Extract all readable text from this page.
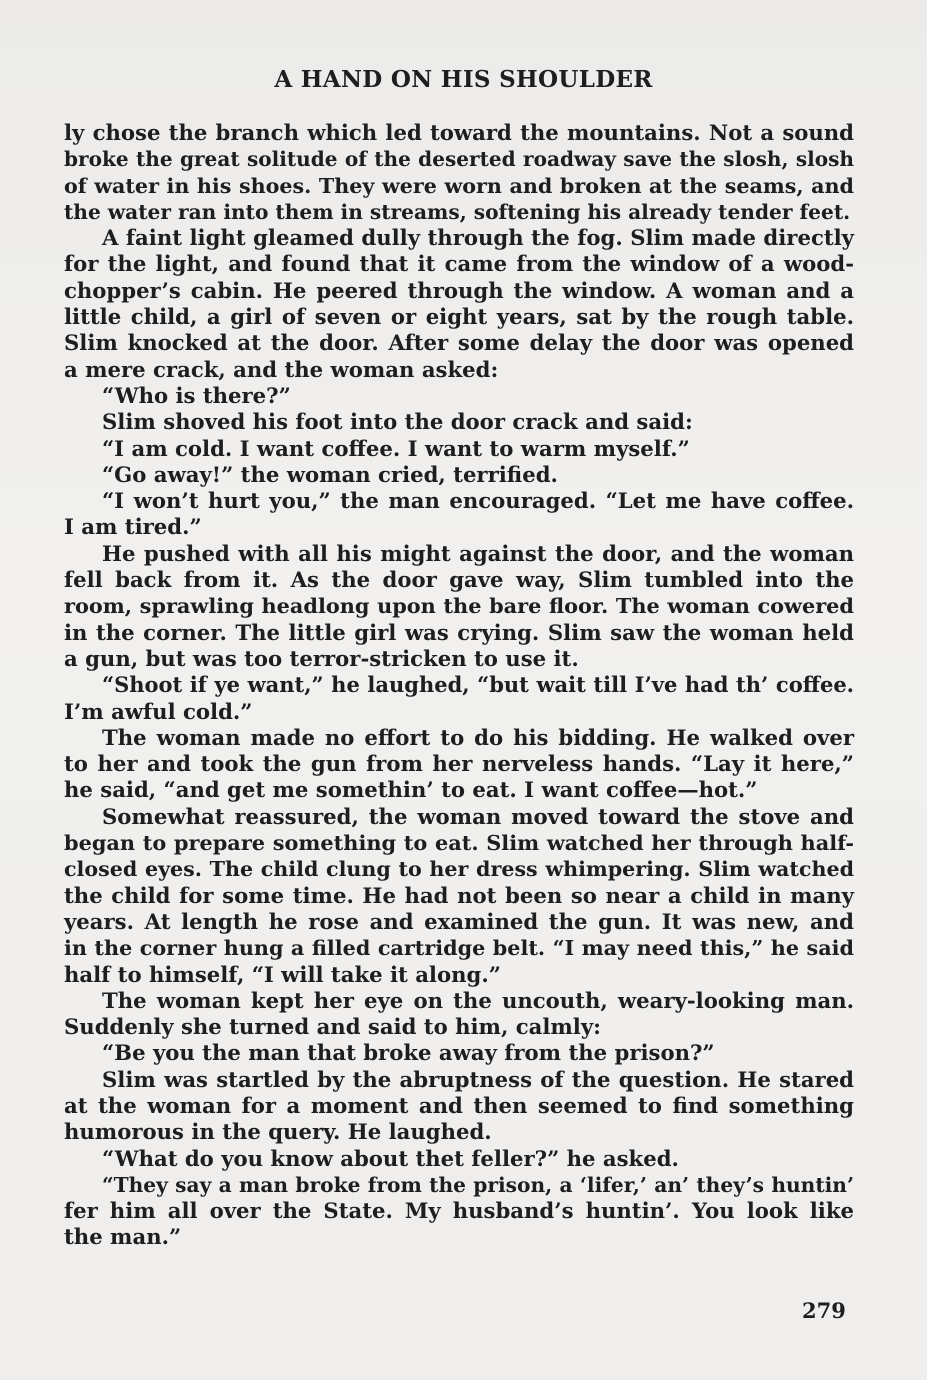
A HAND ON HIS SHOULDER
ly chose the branch which led toward the mountains. Not a sound
broke the great solitude of the deserted roadway save the slosh, slosh
of water in his shoes. They were worn and broken at the seams, and
the water ran into them in streams, softening his already tender feet.
A faint light gleamed dully through the fog. Slim made directly
for the light, and found that it came from the window of a wood-
chopper’s cabin. He peered through the window. A woman and a
little child, a girl of seven or eight years, sat by the rough table.
Slim knocked at the door. After some delay the door was opened
a mere crack, and the woman asked:
“Who is there?”
Slim shoved his foot into the door crack and said:
“I am cold. I want coffee. I want to warm myself.”
“Go away!” the woman cried, terrified.
“I won’t hurt you,” the man encouraged. “Let me have coffee.
I am tired.”
He pushed with all his might against the door, and the woman
fell back from it. As the door gave way, Slim tumbled into the
room, sprawling headlong upon the bare floor. The woman cowered
in the corner. The little girl was crying. Slim saw the woman held
a gun, but was too terror-stricken to use it.
“Shoot if ye want,” he laughed, “but wait till I’ve had th’ coffee.
I’m awful cold.”
The woman made no effort to do his bidding. He walked over
to her and took the gun from her nerveless hands. “Lay it here,”
he said, “and get me somethin’ to eat. I want coffee—hot.”
Somewhat reassured, the woman moved toward the stove and
began to prepare something to eat. Slim watched her through half-
closed eyes. The child clung to her dress whimpering. Slim watched
the child for some time. He had not been so near a child in many
years. At length he rose and examined the gun. It was new, and
in the corner hung a filled cartridge belt. “I may need this,” he said
half to himself, “I will take it along.”
The woman kept her eye on the uncouth, weary-looking man.
Suddenly she turned and said to him, calmly:
“Be you the man that broke away from the prison?”
Slim was startled by the abruptness of the question. He stared
at the woman for a moment and then seemed to find something
humorous in the query. He laughed.
“What do you know about thet feller?” he asked.
“They say a man broke from the prison, a ‘lifer,’ an’ they’s huntin’
fer him all over the State. My husband’s huntin’. You look like
the man.”
279
